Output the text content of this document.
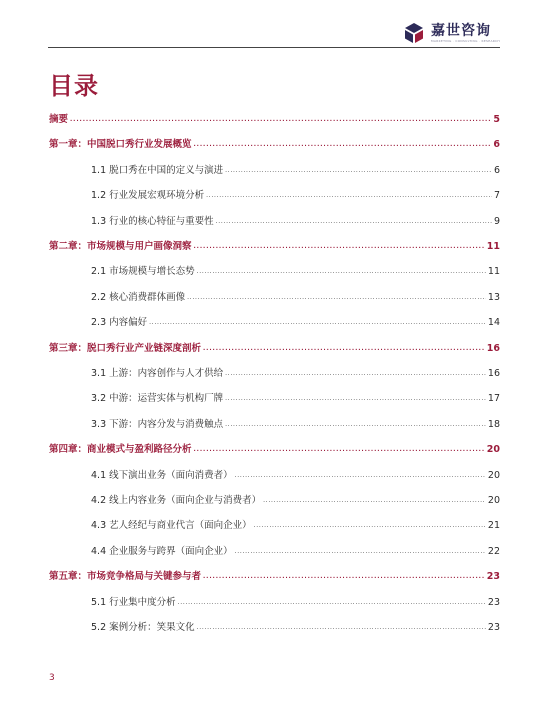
嘉世咨询
MARKETING · CONSULTING · RESEARCH
目录
摘要 . . .	5
第一章：中国脱口秀行业发展概览 . . .	6
1.1 脱口秀在中国的定义与演进 . . .	6
1.2 行业发展宏观环境分析 . . .	7
1.3 行业的核心特征与重要性 . . .	9
第二章：市场规模与用户画像洞察 . . .	11
2.1 市场规模与增长态势 . . .	11
2.2 核心消费群体画像 . . .	13
2.3 内容偏好 . . .	14
第三章：脱口秀行业产业链深度剖析 . . .	16
3.1 上游：内容创作与人才供给 . . .	16
3.2 中游：运营实体与机构厂牌 . . .	17
3.3 下游：内容分发与消费触点 . . .	18
第四章：商业模式与盈利路径分析 . . .	20
4.1 线下演出业务（面向消费者） . . .	20
4.2 线上内容业务（面向企业与消费者） . . .	20
4.3 艺人经纪与商业代言（面向企业） . . .	21
4.4 企业服务与跨界（面向企业） . . .	22
第五章：市场竞争格局与关键参与者 . . .	23
5.1 行业集中度分析 . . .	23
5.2 案例分析：笑果文化 . . .	23
3
